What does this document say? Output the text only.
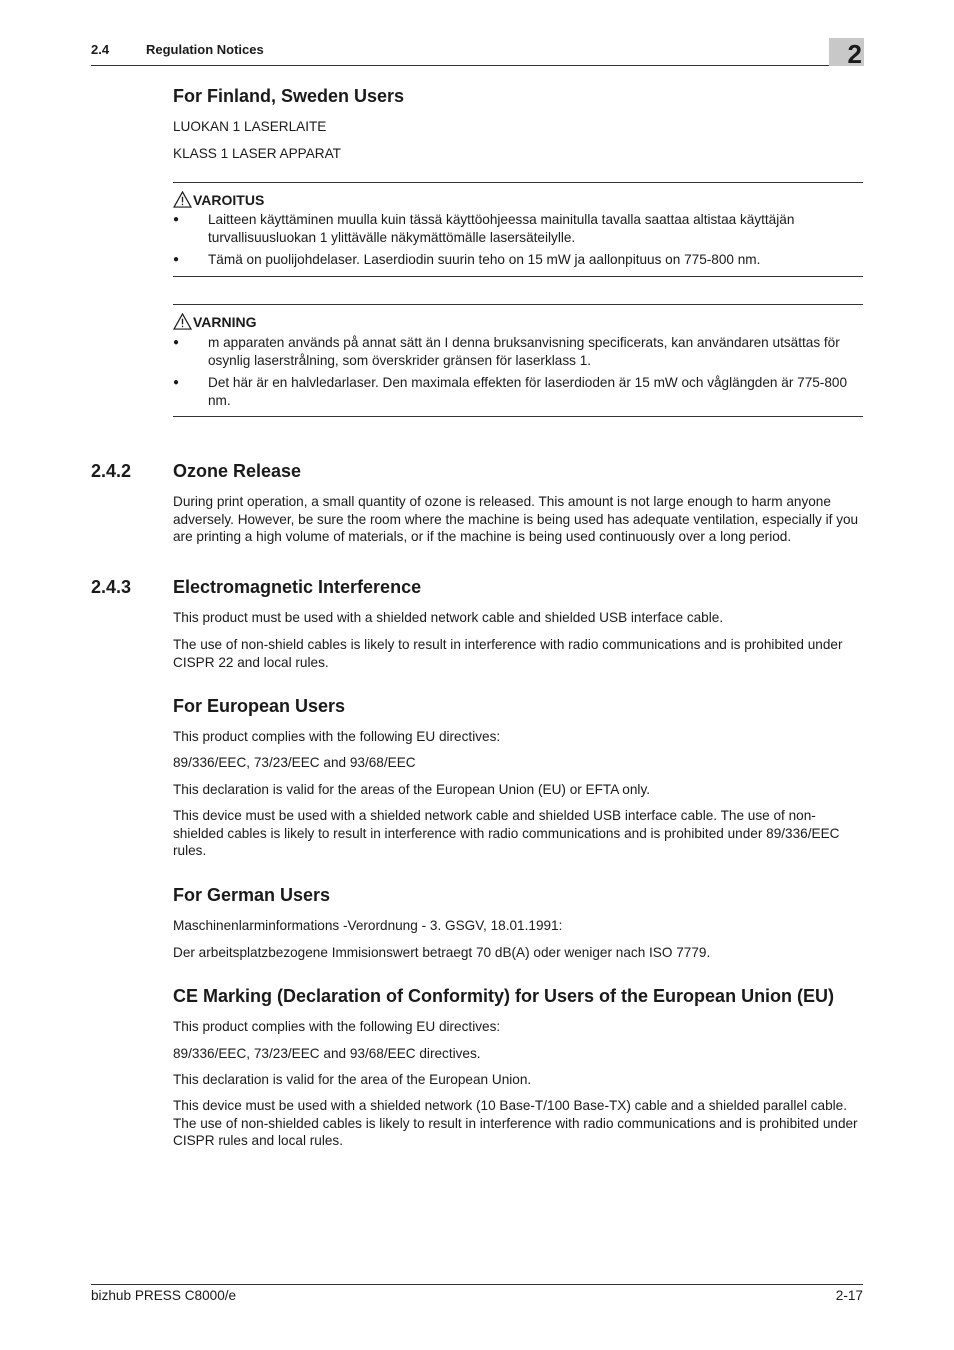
2.4	Regulation Notices	2
For Finland, Sweden Users

LUOKAN 1 LASERLAITE

KLASS 1 LASER APPARAT

VAROITUS
● Laitteen käyttäminen muulla kuin tässä käyttöohjeessa mainitulla tavalla saattaa altistaa käyttäjän turvallisuusluokan 1 ylittävälle näkymättömälle lasersäteilylle.
● Tämä on puolijohdelaser. Laserdiodin suurin teho on 15 mW ja aallonpituus on 775-800 nm.
VARNING
● m apparaten används på annat sätt än I denna bruksanvisning specificerats, kan användaren utsättas för osynlig laserstrålning, som överskrider gränsen för laserklass 1.
● Det här är en halvledarlaser. Den maximala effekten för laserdioden är 15 mW och våglängden är 775-800 nm.
2.4.2 Ozone Release

During print operation, a small quantity of ozone is released. This amount is not large enough to harm anyone adversely. However, be sure the room where the machine is being used has adequate ventilation, especially if you are printing a high volume of materials, or if the machine is being used continuously over a long period.

2.4.3 Electromagnetic Interference

This product must be used with a shielded network cable and shielded USB interface cable.

The use of non-shield cables is likely to result in interference with radio communications and is prohibited under CISPR 22 and local rules.

For European Users

This product complies with the following EU directives:

89/336/EEC, 73/23/EEC and 93/68/EEC

This declaration is valid for the areas of the European Union (EU) or EFTA only.

This device must be used with a shielded network cable and shielded USB interface cable. The use of non-shielded cables is likely to result in interference with radio communications and is prohibited under 89/336/EEC rules.

For German Users

Maschinenlarminformations -Verordnung - 3. GSGV, 18.01.1991:

Der arbeitsplatzbezogene Immisionswert betraegt 70 dB(A) oder weniger nach ISO 7779.

CE Marking (Declaration of Conformity) for Users of the European Union (EU)

This product complies with the following EU directives:

89/336/EEC, 73/23/EEC and 93/68/EEC directives.

This declaration is valid for the area of the European Union.

This device must be used with a shielded network (10 Base-T/100 Base-TX) cable and a shielded parallel cable. The use of non-shielded cables is likely to result in interference with radio communications and is prohibited under CISPR rules and local rules.

bizhub PRESS C8000/e	2-17
